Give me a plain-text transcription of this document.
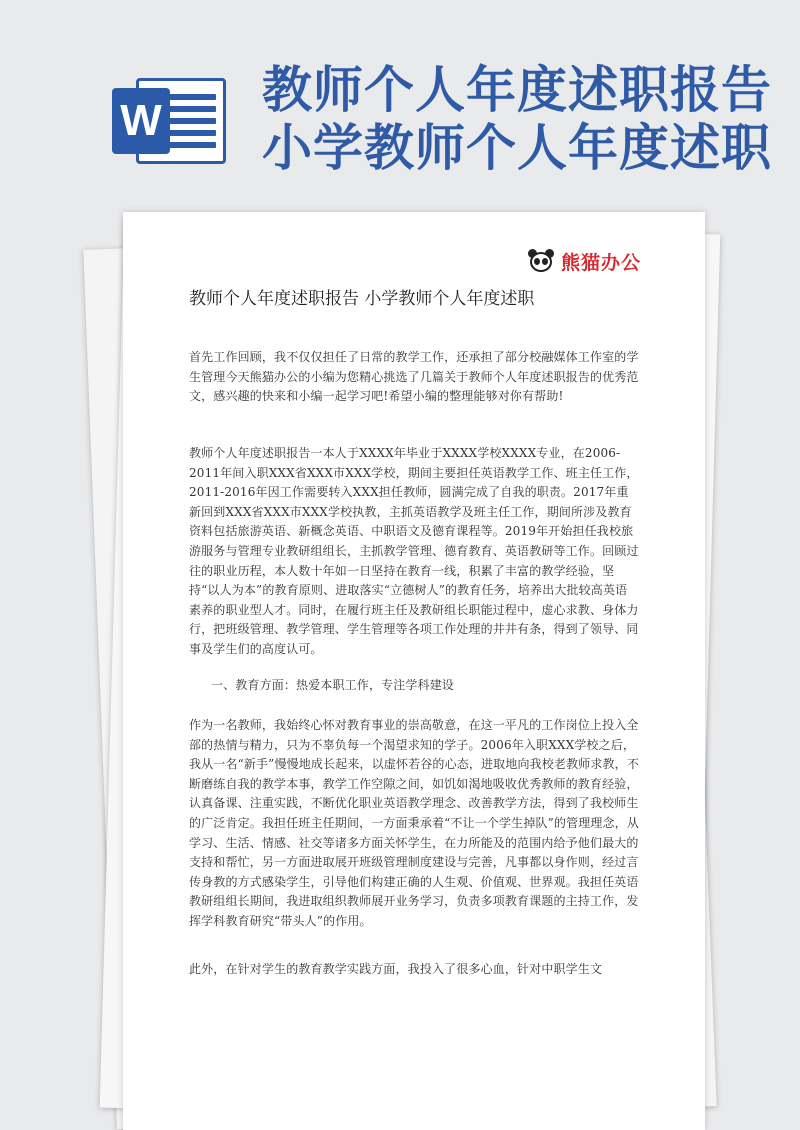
W
教师个人年度述职报告
小学教师个人年度述职
熊猫办公
教师个人年度述职报告 小学教师个人年度述职

首先工作回顾，我不仅仅担任了日常的教学工作，还承担了部分校融媒体工作室的学生管理今天熊猫办公的小编为您精心挑选了几篇关于教师个人年度述职报告的优秀范文，感兴趣的快来和小编一起学习吧!希望小编的整理能够对你有帮助!

教师个人年度述职报告一本人于XXXX年毕业于XXXX学校XXXX专业，在2006-2011年间入职XXX省XXX市XXX学校，期间主要担任英语教学工作、班主任工作，2011-2016年因工作需要转入XXX担任教师，圆满完成了自我的职责。2017年重新回到XXX省XXX市XXX学校执教，主抓英语教学及班主任工作，期间所涉及教育资料包括旅游英语、新概念英语、中职语文及德育课程等。2019年开始担任我校旅游服务与管理专业教研组组长，主抓教学管理、德育教育、英语教研等工作。回顾过往的职业历程，本人数十年如一日坚持在教育一线，积累了丰富的教学经验，坚持“以人为本”的教育原则、进取落实“立德树人”的教育任务，培养出大批较高英语素养的职业型人才。同时，在履行班主任及教研组长职能过程中，虚心求教、身体力行，把班级管理、教学管理、学生管理等各项工作处理的井井有条，得到了领导、同事及学生们的高度认可。

一、教育方面：热爱本职工作，专注学科建设

作为一名教师，我始终心怀对教育事业的崇高敬意，在这一平凡的工作岗位上投入全部的热情与精力，只为不辜负每一个渴望求知的学子。2006年入职XXX学校之后，我从一名“新手”慢慢地成长起来，以虚怀若谷的心态，进取地向我校老教师求教，不断磨练自我的教学本事，教学工作空隙之间，如饥如渴地吸收优秀教师的教育经验，认真备课、注重实践，不断优化职业英语教学理念、改善教学方法，得到了我校师生的广泛肯定。我担任班主任期间，一方面秉承着“不让一个学生掉队”的管理理念，从学习、生活、情感、社交等诸多方面关怀学生，在力所能及的范围内给予他们最大的支持和帮忙，另一方面进取展开班级管理制度建设与完善，凡事都以身作则，经过言传身教的方式感染学生，引导他们构建正确的人生观、价值观、世界观。我担任英语教研组组长期间，我进取组织教师展开业务学习，负责多项教育课题的主持工作，发挥学科教育研究“带头人”的作用。

此外，在针对学生的教育教学实践方面，我投入了很多心血，针对中职学生文
